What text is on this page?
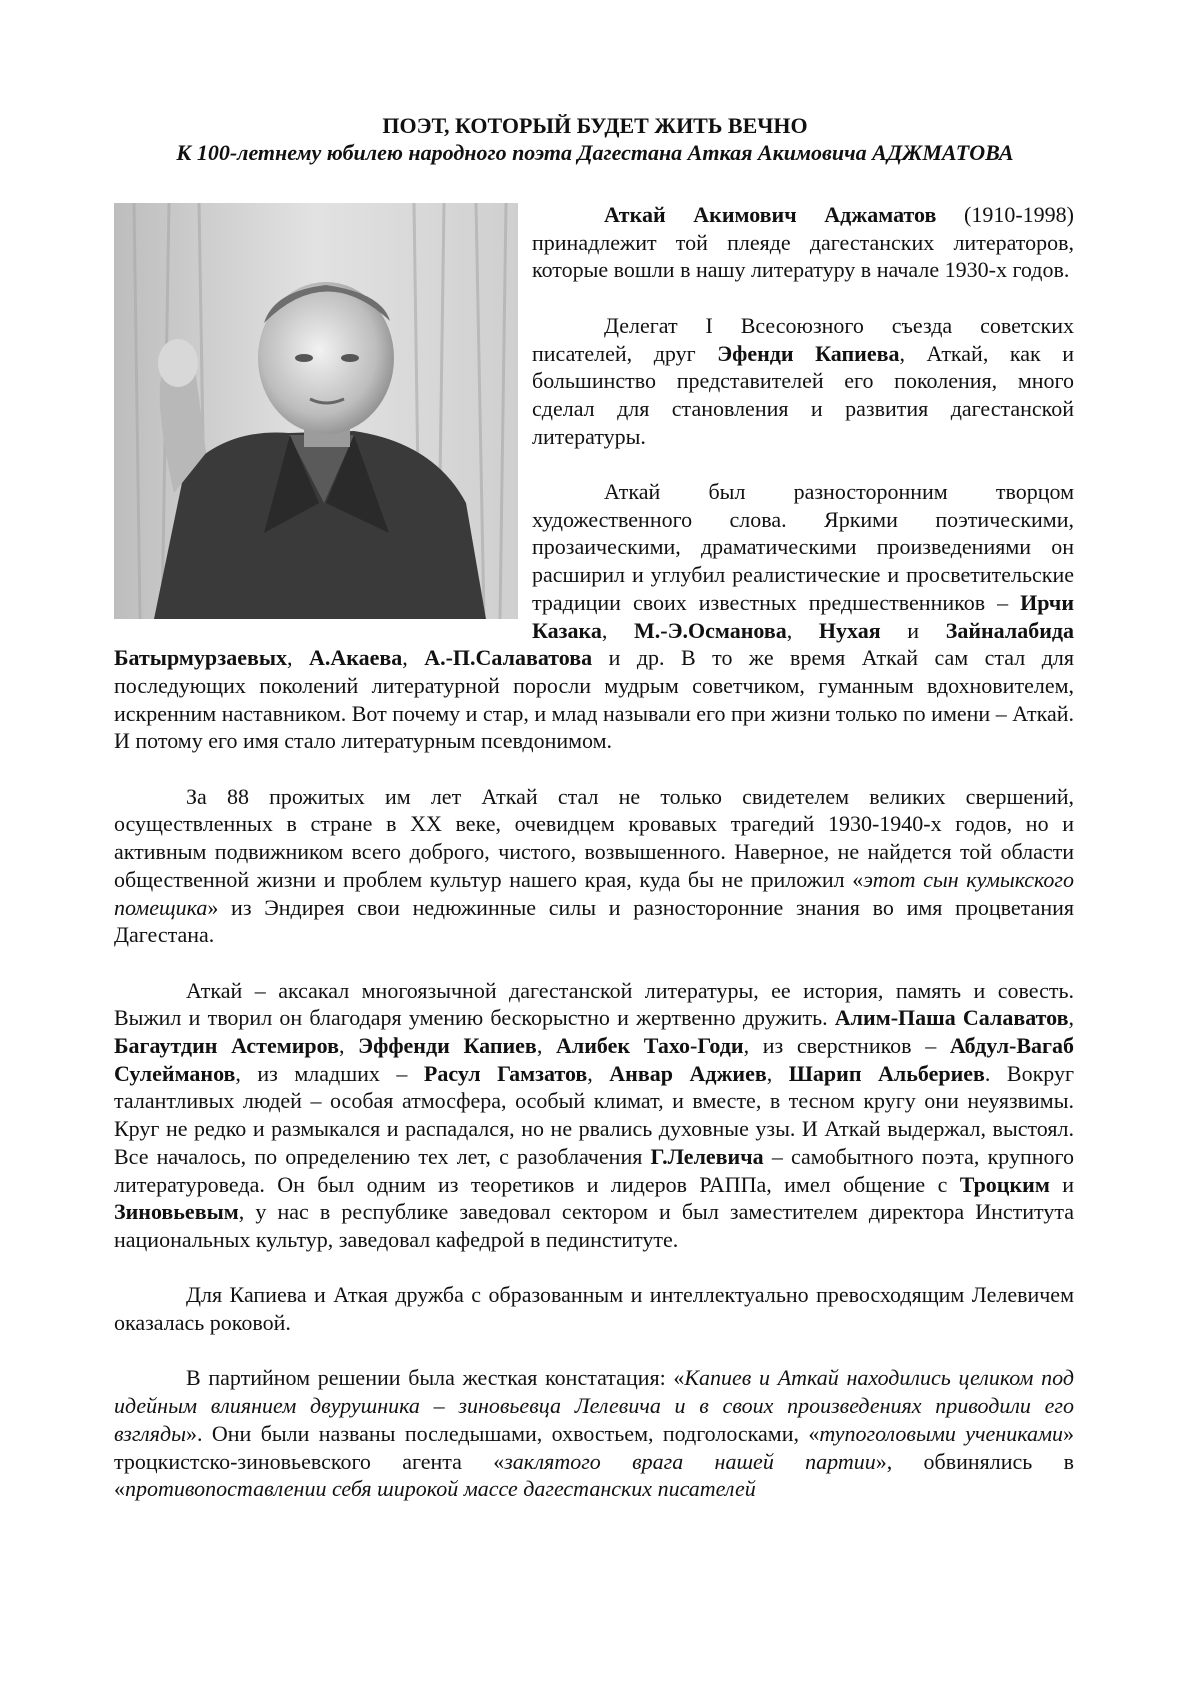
ПОЭТ, КОТОРЫЙ БУДЕТ ЖИТЬ ВЕЧНО
К 100-летнему юбилею народного поэта Дагестана Аткая Акимовича АДЖМАТОВА

Аткай Акимович Аджаматов (1910-1998) принадлежит той плеяде дагестанских литераторов, которые вошли в нашу литературу в начале 1930-х годов.

Делегат I Всесоюзного съезда советских писателей, друг Эфенди Капиева, Аткай, как и большинство представителей его поколения, много сделал для становления и развития дагестанской литературы.

Аткай был разносторонним творцом художественного слова. Яркими поэтическими, прозаическими, драматическими произведениями он расширил и углубил реалистические и просветительские традиции своих известных предшественников – Ирчи Казака, М.-Э.Османова, Нухая и Зайналабида Батырмурзаевых, А.Акаева, А.-П.Салаватова и др. В то же время Аткай сам стал для последующих поколений литературной поросли мудрым советчиком, гуманным вдохновителем, искренним наставником. Вот почему и стар, и млад называли его при жизни только по имени – Аткай. И потому его имя стало литературным псевдонимом.

За 88 прожитых им лет Аткай стал не только свидетелем великих свершений, осуществленных в стране в XX веке, очевидцем кровавых трагедий 1930-1940-х годов, но и активным подвижником всего доброго, чистого, возвышенного. Наверное, не найдется той области общественной жизни и проблем культур нашего края, куда бы не приложил «этот сын кумыкского помещика» из Эндирея свои недюжинные силы и разносторонние знания во имя процветания Дагестана.

Аткай – аксакал многоязычной дагестанской литературы, ее история, память и совесть. Выжил и творил он благодаря умению бескорыстно и жертвенно дружить. Алим-Паша Салаватов, Багаутдин Астемиров, Эффенди Капиев, Алибек Тахо-Годи, из сверстников – Абдул-Вагаб Сулейманов, из младших – Расул Гамзатов, Анвар Аджиев, Шарип Альбериев. Вокруг талантливых людей – особая атмосфера, особый климат, и вместе, в тесном кругу они неуязвимы. Круг не редко и размыкался и распадался, но не рвались духовные узы. И Аткай выдержал, выстоял. Все началось, по определению тех лет, с разоблачения Г.Лелевича – самобытного поэта, крупного литературоведа. Он был одним из теоретиков и лидеров РАППа, имел общение с Троцким и Зиновьевым, у нас в республике заведовал сектором и был заместителем директора Института национальных культур, заведовал кафедрой в пединституте.

Для Капиева и Аткая дружба с образованным и интеллектуально превосходящим Лелевичем оказалась роковой.

В партийном решении была жесткая констатация: «Капиев и Аткай находились целиком под идейным влиянием двурушника – зиновьевца Лелевича и в своих произведениях приводили его взгляды». Они были названы последышами, охвостьем, подголосками, «тупоголовыми учениками» троцкистско-зиновьевского агента «заклятого врага нашей партии», обвинялись в «противопоставлении себя широкой массе дагестанских писателей
